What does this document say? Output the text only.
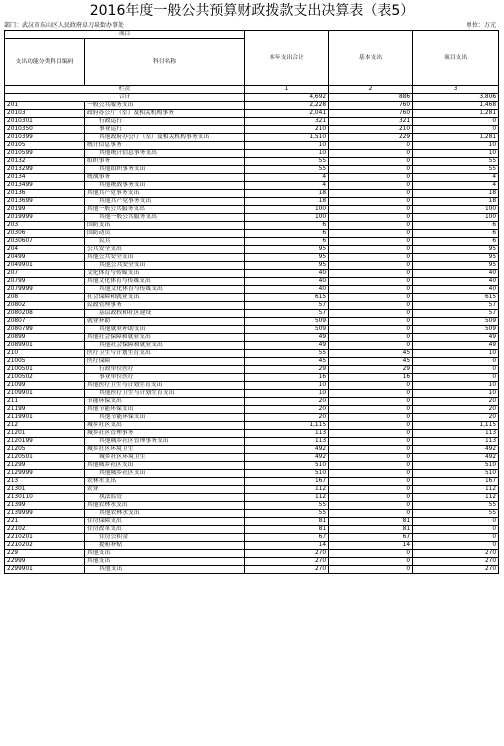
2016年度一般公共预算财政拨款支出决算表（表5）
部门：武汉市东山区人民政府卓刀泉街办事处	单位：万元
项目		本年支出合计	基本支出	项目支出
支出功能分类科目编码	科目名称			
栏次		1	2	3
合计		4,692	886	3,806
201	一般公共服务支出	2,228	760	1,468
20103	政府办公厅（室）及相关机构事务	2,041	760	1,281
2010301	行政运行	321	321	0
2010350	事业运行	210	210	0
2010399	其他政府办公厅（室）及相关机构事务支出	1,510	229	1,281
20105	统计信息事务	10	0	10
2010599	其他统计信息事务支出	10	0	10
20132	组织事务	55	0	55
2013299	其他组织事务支出	55	0	55
20134	统战事务	4	0	4
2013499	其他统战事务支出	4	0	4
20136	其他共产党事务支出	18	0	18
2013699	其他共产党事务支出	18	0	18
20199	其他一般公共服务支出	100	0	100
2019999	其他一般公共服务支出	100	0	100
203	国防支出	6	0	6
20306	国防动员	6	0	6
2030607	民兵	6	0	6
204	公共安全支出	95	0	95
20499	其他公共安全支出	95	0	95
2049901	其他公共安全支出	95	0	95
207	文化体育与传媒支出	40	0	40
20799	其他文化体育与传媒支出	40	0	40
2079999	其他文化体育与传媒支出	40	0	40
208	社会保障和就业支出	615	0	615
20802	民政管理事务	57	0	57
2080208	基层政权和社区建设	57	0	57
20807	就业补助	509	0	509
2080799	其他就业补助支出	509	0	509
20899	其他社会保障和就业支出	49	0	49
2089901	其他社会保障和就业支出	49	0	49
210	医疗卫生与计划生育支出	55	45	10
21005	医疗保障	45	45	0
2100501	行政单位医疗	29	29	0
2100502	事业单位医疗	16	16	0
21099	其他医疗卫生与计划生育支出	10	0	10
2109901	其他医疗卫生与计划生育支出	10	0	10
211	节能环保支出	20	0	20
21199	其他节能环保支出	20	0	20
2119901	其他节能环保支出	20	0	20
212	城乡社区支出	1,115	0	1,115
21201	城乡社区管理事务	113	0	113
2120199	其他城乡社区管理事务支出	113	0	113
21205	城乡社区环境卫生	492	0	492
2120501	城乡社区环境卫生	492	0	492
21299	其他城乡社区支出	510	0	510
2129999	其他城乡社区支出	510	0	510
213	农林水支出	167	0	167
21301	农业	112	0	112
2130110	执法监管	112	0	112
21399	其他农林水支出	55	0	55
2139999	其他农林水支出	55	0	55
221	住房保障支出	81	81	0
22102	住房改革支出	81	81	0
2210201	住房公积金	67	67	0
2210202	提租补贴	14	14	0
229	其他支出	270	0	270
22999	其他支出	270	0	270
2299901	其他支出	270	0	270
